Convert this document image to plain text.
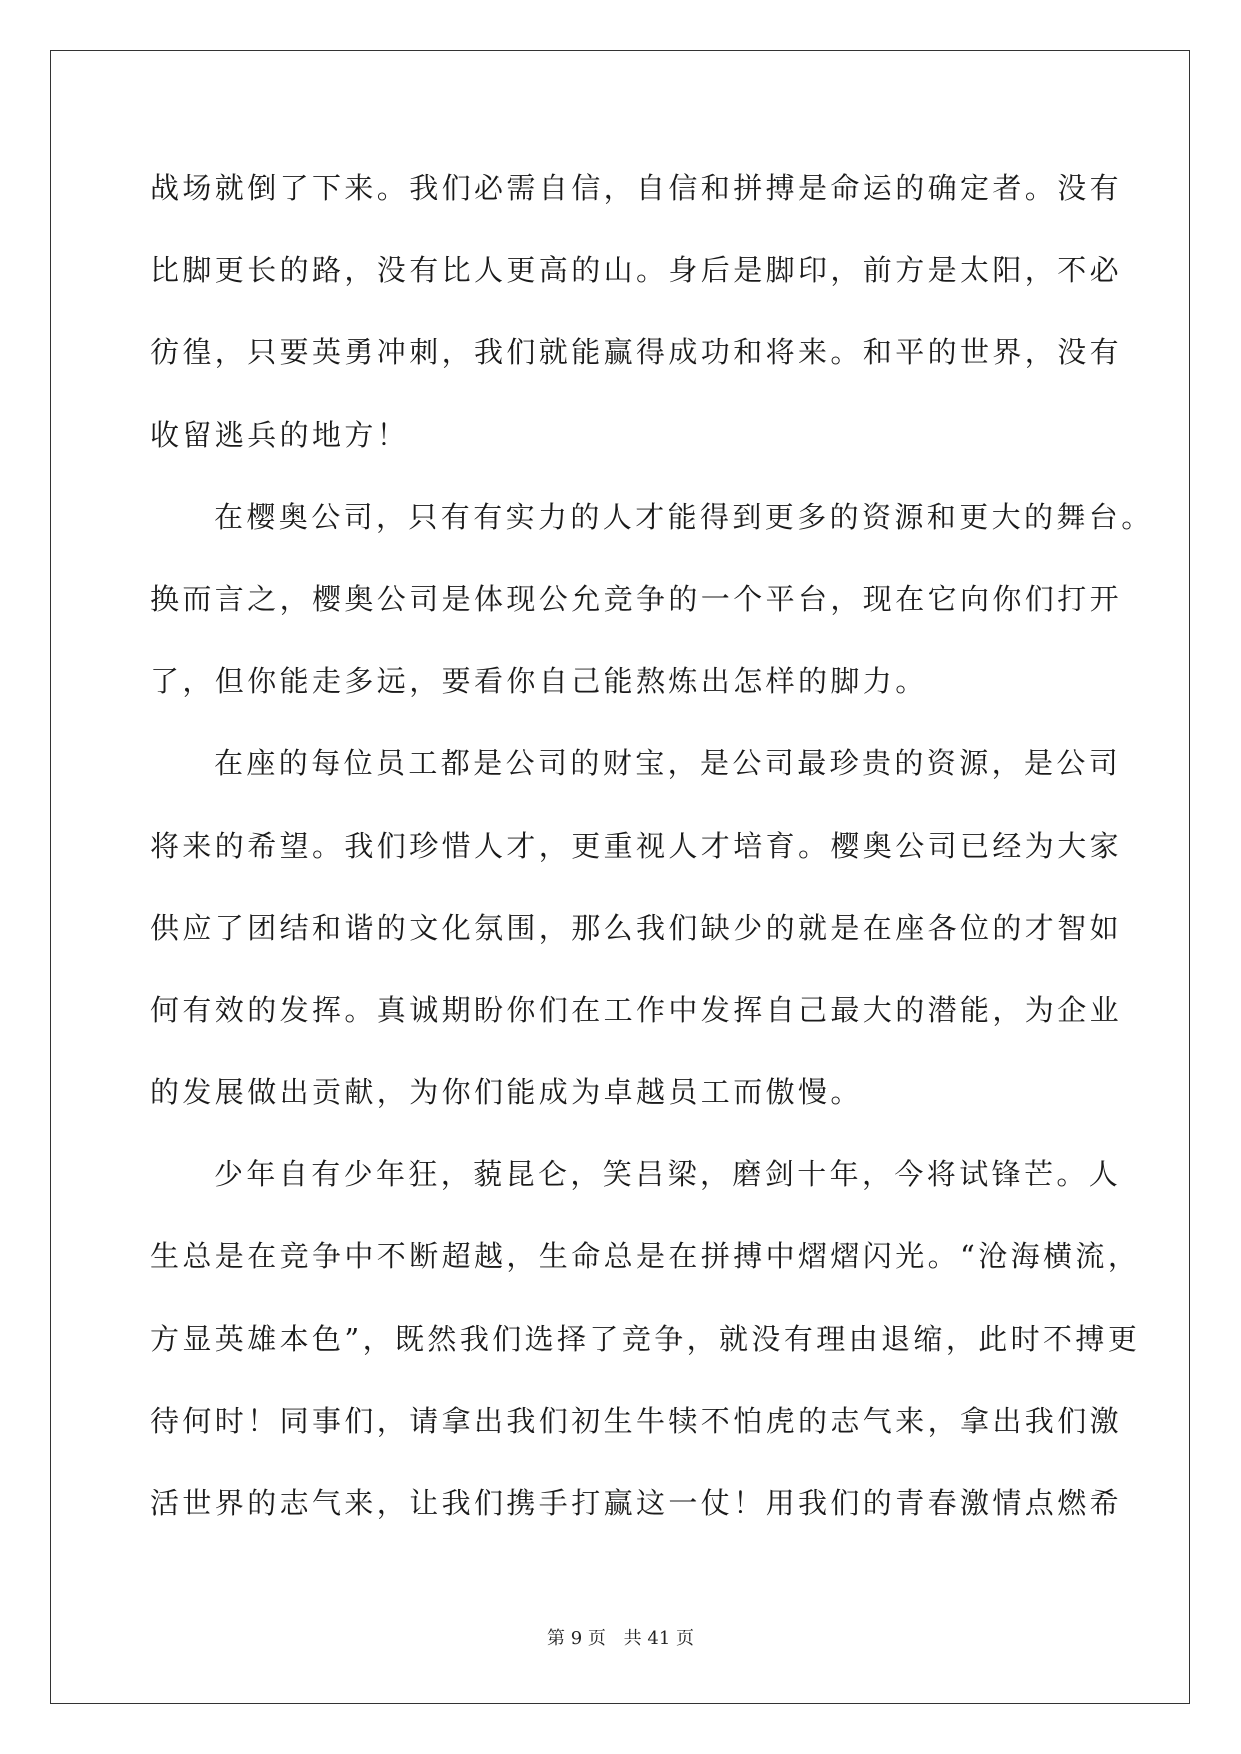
战场就倒了下来。我们必需自信，自信和拼搏是命运的确定者。没有
比脚更长的路，没有比人更高的山。身后是脚印，前方是太阳，不必
彷徨，只要英勇冲刺，我们就能赢得成功和将来。和平的世界，没有
收留逃兵的地方！
在樱奥公司，只有有实力的人才能得到更多的资源和更大的舞台。
换而言之，樱奥公司是体现公允竞争的一个平台，现在它向你们打开
了，但你能走多远，要看你自己能熬炼出怎样的脚力。
在座的每位员工都是公司的财宝，是公司最珍贵的资源，是公司
将来的希望。我们珍惜人才，更重视人才培育。樱奥公司已经为大家
供应了团结和谐的文化氛围，那么我们缺少的就是在座各位的才智如
何有效的发挥。真诚期盼你们在工作中发挥自己最大的潜能，为企业
的发展做出贡献，为你们能成为卓越员工而傲慢。
少年自有少年狂，藐昆仑，笑吕梁，磨剑十年，今将试锋芒。人
生总是在竞争中不断超越，生命总是在拼搏中熠熠闪光。“沧海横流，
方显英雄本色”，既然我们选择了竞争，就没有理由退缩，此时不搏更
待何时！同事们，请拿出我们初生牛犊不怕虎的志气来，拿出我们激
活世界的志气来，让我们携手打赢这一仗！用我们的青春激情点燃希
第 9 页 共 41 页
